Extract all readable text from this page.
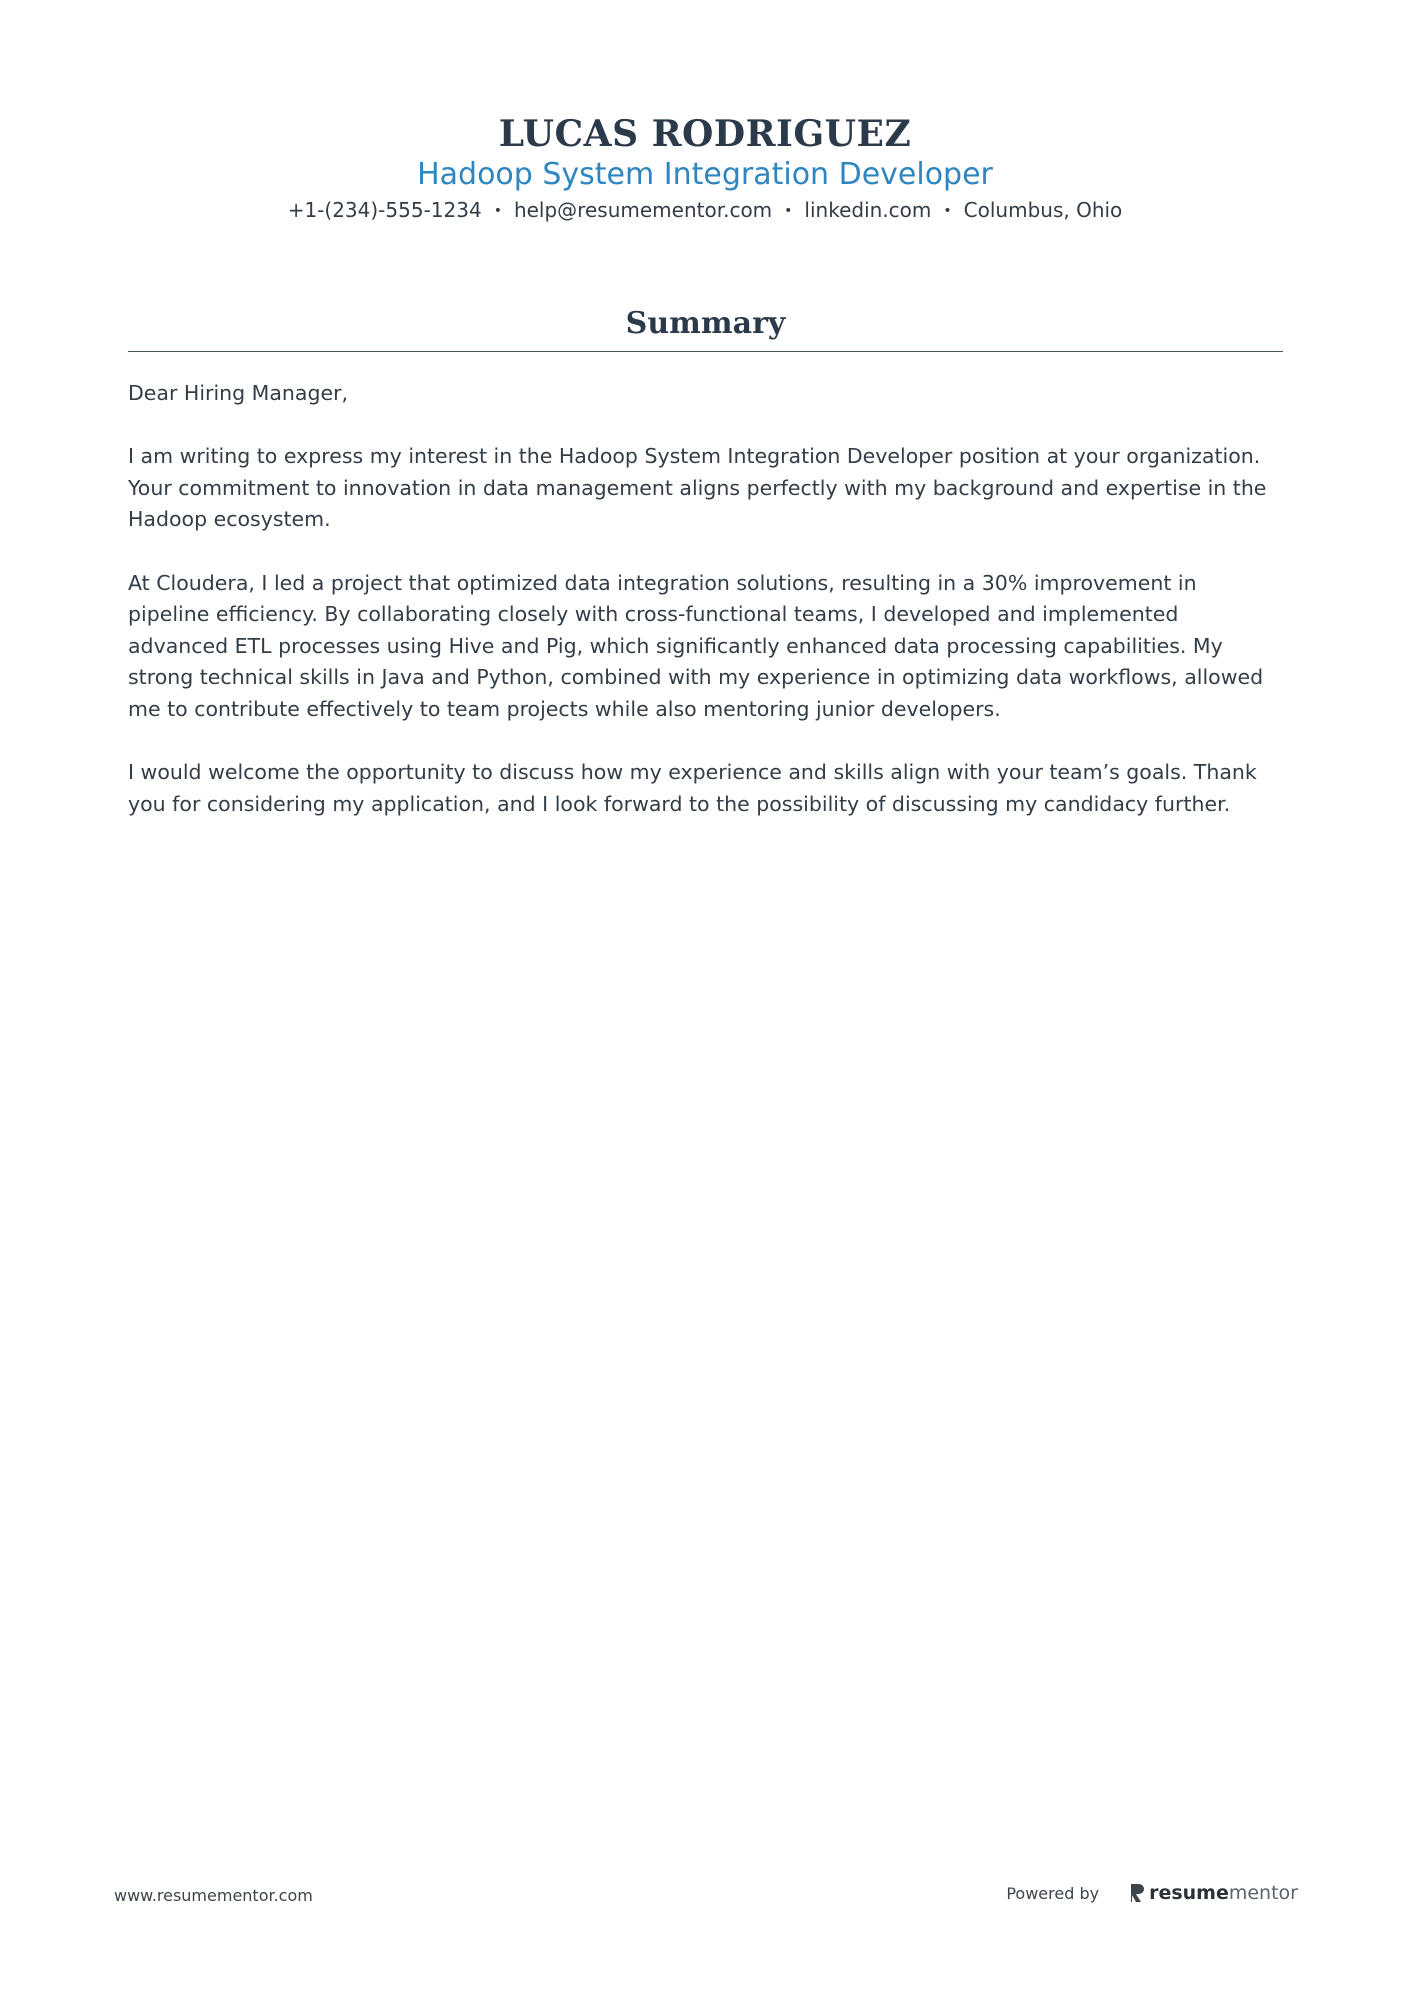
LUCAS RODRIGUEZ
Hadoop System Integration Developer
+1-(234)-555-1234 • help@resumementor.com • linkedin.com • Columbus, Ohio
Summary

Dear Hiring Manager,

I am writing to express my interest in the Hadoop System Integration Developer position at your organization. Your commitment to innovation in data management aligns perfectly with my background and expertise in the Hadoop ecosystem.

At Cloudera, I led a project that optimized data integration solutions, resulting in a 30% improvement in pipeline efficiency. By collaborating closely with cross-functional teams, I developed and implemented advanced ETL processes using Hive and Pig, which significantly enhanced data processing capabilities. My strong technical skills in Java and Python, combined with my experience in optimizing data workflows, allowed me to contribute effectively to team projects while also mentoring junior developers.

I would welcome the opportunity to discuss how my experience and skills align with your team’s goals. Thank you for considering my application, and I look forward to the possibility of discussing my candidacy further.

www.resumementor.com	Powered by	resume mentor
